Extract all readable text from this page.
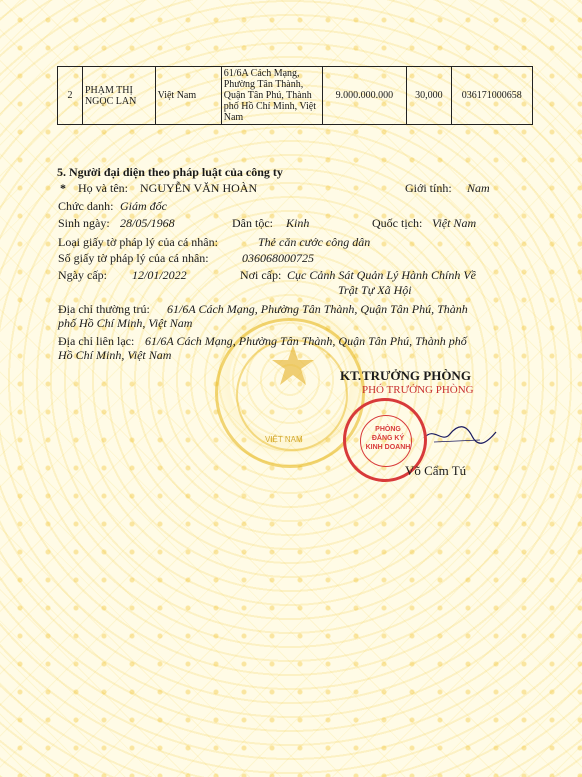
VIỆT NAM
2	PHẠM THỊ NGỌC LAN	Việt Nam	61/6A Cách Mạng, Phường Tân Thành, Quận Tân Phú, Thành phố Hồ Chí Minh, Việt Nam	9.000.000.000	30,000	036171000658
5. Người đại diện theo pháp luật của công ty
* Họ và tên: NGUYỄN VĂN HOÀN	Giới tính: Nam
Chức danh: Giám đốc
Sinh ngày: 28/05/1968	Dân tộc: Kinh	Quốc tịch: Việt Nam
Loại giấy tờ pháp lý của cá nhân:	Thẻ căn cước công dân
Số giấy tờ pháp lý của cá nhân:	036068000725
Ngày cấp: 12/01/2022	Nơi cấp: Cục Cảnh Sát Quản Lý Hành Chính Về
Trật Tự Xã Hội
Địa chỉ thường trú: 61/6A Cách Mạng, Phường Tân Thành, Quận Tân Phú, Thành
phố Hồ Chí Minh, Việt Nam
Địa chỉ liên lạc: 61/6A Cách Mạng, Phường Tân Thành, Quận Tân Phú, Thành phố
Hồ Chí Minh, Việt Nam
KT. TRƯỞNG PHÒNG
PHÓ TRƯỞNG PHÒNG
PHÒNG
ĐĂNG KÝ
KINH DOANH
Võ Cẩm Tú
